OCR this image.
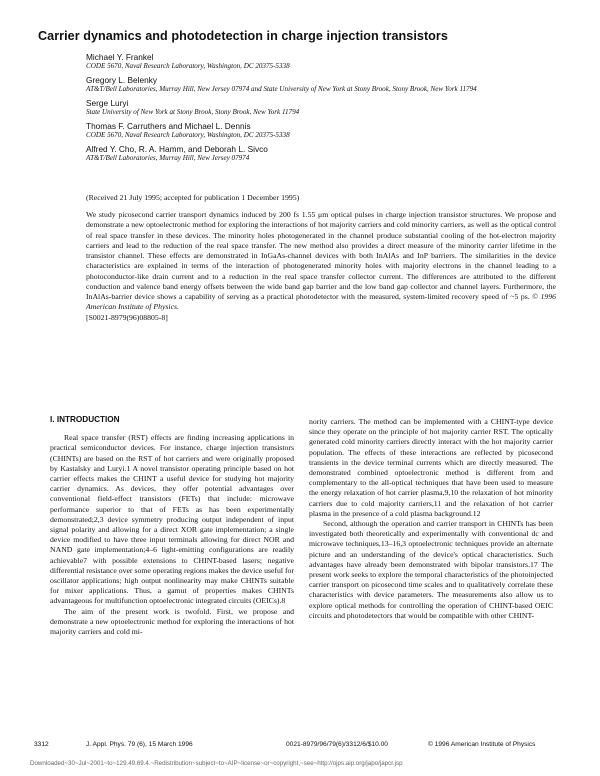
Carrier dynamics and photodetection in charge injection transistors
Michael Y. Frankel
CODE 5670, Naval Research Laboratory, Washington, DC 20375-5338
Gregory L. Belenky
AT&T/Bell Laboratories, Murray Hill, New Jersey 07974 and State University of New York at Stony Brook, Stony Brook, New York 11794
Serge Luryi
State University of New York at Stony Brook, Stony Brook, New York 11794
Thomas F. Carruthers and Michael L. Dennis
CODE 5670, Naval Research Laboratory, Washington, DC 20375-5338
Alfred Y. Cho, R. A. Hamm, and Deborah L. Sivco
AT&T/Bell Laboratories, Murray Hill, New Jersey 07974
(Received 21 July 1995; accepted for publication 1 December 1995)
We study picosecond carrier transport dynamics induced by 200 fs 1.55 μm optical pulses in charge injection transistor structures. We propose and demonstrate a new optoelectronic method for exploring the interactions of hot majority carriers and cold minority carriers, as well as the optical control of real space transfer in these devices. The minority holes photogenerated in the channel produce substantial cooling of the hot-electron majority carriers and lead to the reduction of the real space transfer. The new method also provides a direct measure of the minority carrier lifetime in the transistor channel. These effects are demonstrated in InGaAs-channel devices with both InAlAs and InP barriers. The similarities in the device characteristics are explained in terms of the interaction of photogenerated minority holes with majority electrons in the channel leading to a photoconductor-like drain current and to a reduction in the real space transfer collector current. The differences are attributed to the different conduction and valence band energy offsets between the wide band gap barrier and the low band gap collector and channel layers. Furthermore, the InAlAs-barrier device shows a capability of serving as a practical photodetector with the measured, system-limited recovery speed of ~5 ps. © 1996 American Institute of Physics.
[S0021-8979(96)08805-8]
I. INTRODUCTION

Real space transfer (RST) effects are finding increasing applications in practical semiconductor devices. For instance, charge injection transistors (CHINTs) are based on the RST of hot carriers and were originally proposed by Kastalsky and Luryi.1 A novel transistor operating principle based on hot carrier effects makes the CHINT a useful device for studying hot majority carrier dynamics. As devices, they offer potential advantages over conventional field-effect transistors (FETs) that include: microwave performance superior to that of FETs as has been experimentally demonstrated;2,3 device symmetry producing output independent of input signal polarity and allowing for a direct XOR gate implementation; a single device modified to have three input terminals allowing for direct NOR and NAND gate implementation;4–6 light-emitting configurations are readily achievable7 with possible extensions to CHINT-based lasers; negative differential resistance over some operating regions makes the device useful for oscillator applications; high output nonlinearity may make CHINTs suitable for mixer applications. Thus, a gamut of properties makes CHINTs advantageous for multifunction optoelectronic integrated circuits (OEICs).8

The aim of the present work is twofold. First, we propose and demonstrate a new optoelectronic method for exploring the interactions of hot majority carriers and cold mi-

nority carriers. The method can be implemented with a CHINT-type device since they operate on the principle of hot majority carrier RST. The optically generated cold minority carriers directly interact with the hot majority carrier population. The effects of these interactions are reflected by picosecond transients in the device terminal currents which are directly measured. The demonstrated combined optoelectronic method is different from and complementary to the all-optical techniques that have been used to measure the energy relaxation of hot carrier plasma,9,10 the relaxation of hot minority carriers due to cold majority carriers,11 and the relaxation of hot carrier plasma in the presence of a cold plasma background.12

Second, although the operation and carrier transport in CHINTs has been investigated both theoretically and experimentally with conventional dc and microwave techniques,13–16,3 optoelectronic techniques provide an alternate picture and an understanding of the device's optical characteristics. Such advantages have already been demonstrated with bipolar transistors.17 The present work seeks to explore the temporal characteristics of the photoinjected carrier transport on picosecond time scales and to qualitatively correlate these characteristics with device parameters. The measurements also allow us to explore optical methods for controlling the operation of CHINT-based OEIC circuits and photodetectors that would be compatible with other CHINT-

3312	J. Appl. Phys. 79 (6), 15 March 1996	0021-8979/96/79(6)/3312/6/$10.00	© 1996 American Institute of Physics
Downloaded~30~Jul~2001~to~129.49.69.4.~Redistribution~subject~to~AIP~license~or~copyright,~see~http://ojps.aip.org/japo/japcr.jsp
